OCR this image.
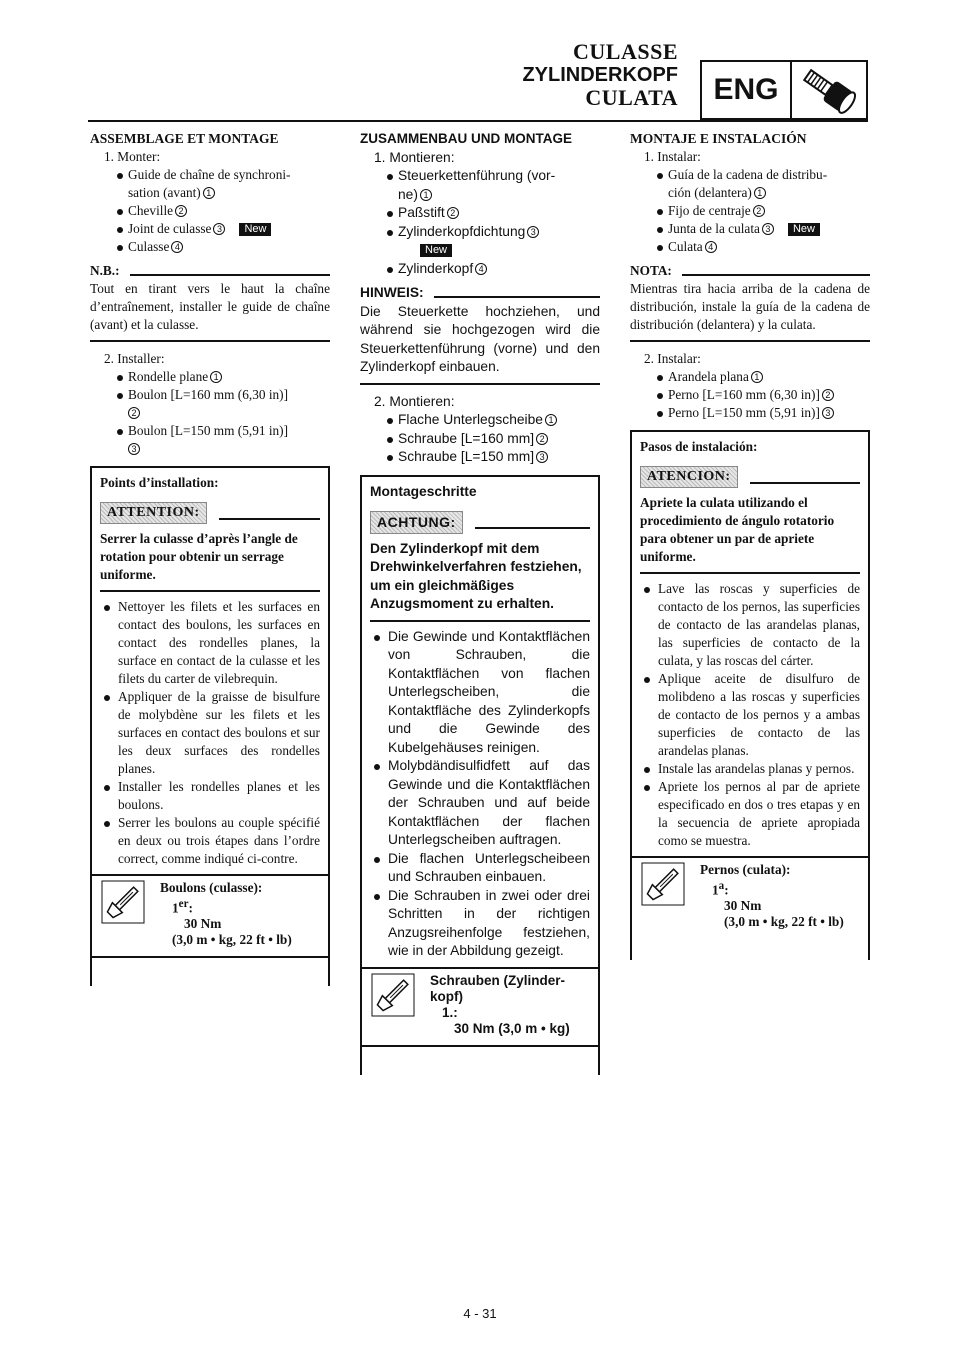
CULASSE
ZYLINDERKOPF
CULATA	ENG
ASSEMBLAGE ET MONTAGE
1. Monter:
Guide de chaîne de synchroni-
sation (avant) 1
Cheville 2
Joint de culasse 3 New
Culasse 4
N.B.:
Tout en tirant vers le haut la chaîne d’entraînement, installer le guide de chaîne (avant) et la culasse.
2. Installer:
Rondelle plane 1
Boulon [L=160 mm (6,30 in)]
2
Boulon [L=150 mm (5,91 in)]
3
Points d’installation:
ATTENTION:
Serrer la culasse d’après l’angle de rotation pour obtenir un serrage uniforme.
Nettoyer les filets et les surfaces en contact des boulons, les surfaces en contact des rondelles planes, la surface en contact de la culasse et les filets du carter de vilebrequin.
Appliquer de la graisse de bisulfure de molybdène sur les filets et les surfaces en contact des boulons et sur les deux surfaces des rondelles planes.
Installer les rondelles planes et les boulons.
Serrer les boulons au couple spécifié en deux ou trois étapes dans l’ordre correct, comme indiqué ci-contre.
Boulons (culasse):
1er:
30 Nm
(3,0 m • kg, 22 ft • lb)
ZUSAMMENBAU UND MONTAGE
1. Montieren:
Steuerkettenführung (vor-
ne) 1
Paßstift 2
Zylinderkopfdichtung 3
New
Zylinderkopf 4
HINWEIS:
Die Steuerkette hochziehen, und während sie hochgezogen wird die Steuerkettenführung (vorne) und den Zylinderkopf einbauen.
2. Montieren:
Flache Unterlegscheibe 1
Schraube [L=160 mm] 2
Schraube [L=150 mm] 3
Montageschritte
ACHTUNG:
Den Zylinderkopf mit dem Drehwinkelverfahren festziehen, um ein gleichmäßiges Anzugsmoment zu erhalten.
Die Gewinde und Kontaktflächen von Schrauben, die Kontaktflächen von flachen Unterlegscheiben, die Kontaktfläche des Zylinderkopfs und die Gewinde des Kubelgehäuses reinigen.
Molybdändisulfidfett auf das Gewinde und die Kontaktflächen der Schrauben und auf beide Kontaktflächen der flachen Unterlegscheiben auftragen.
Die flachen Unterlegscheibeen und Schrauben einbauen.
Die Schrauben in zwei oder drei Schritten in der richtigen Anzugsreihenfolge festziehen, wie in der Abbildung gezeigt.
Schrauben (Zylinder-
kopf)
1.:
30 Nm (3,0 m • kg)
MONTAJE E INSTALACIÓN
1. Instalar:
Guía de la cadena de distribu-
ción (delantera) 1
Fijo de centraje 2
Junta de la culata 3 New
Culata 4
NOTA:
Mientras tira hacia arriba de la cadena de distribución, instale la guía de la cadena de distribución (delantera) y la culata.
2. Instalar:
Arandela plana 1
Perno [L=160 mm (6,30 in)] 2
Perno [L=150 mm (5,91 in)] 3
Pasos de instalación:
ATENCION:
Apriete la culata utilizando el procedimiento de ángulo rotatorio para obtener un par de apriete uniforme.
Lave las roscas y superficies de contacto de los pernos, las superficies de contacto de las arandelas planas, las superficies de contacto de la culata, y las roscas del cárter.
Aplique aceite de disulfuro de molibdeno a las roscas y superficies de contacto de los pernos y a ambas superficies de contacto de las arandelas planas.
Instale las arandelas planas y pernos.
Apriete los pernos al par de apriete especificado en dos o tres etapas y en la secuencia de apriete apropiada como se muestra.
Pernos (culata):
1$^a$:
30 Nm
(3,0 m • kg, 22 ft • lb)
4 - 31
